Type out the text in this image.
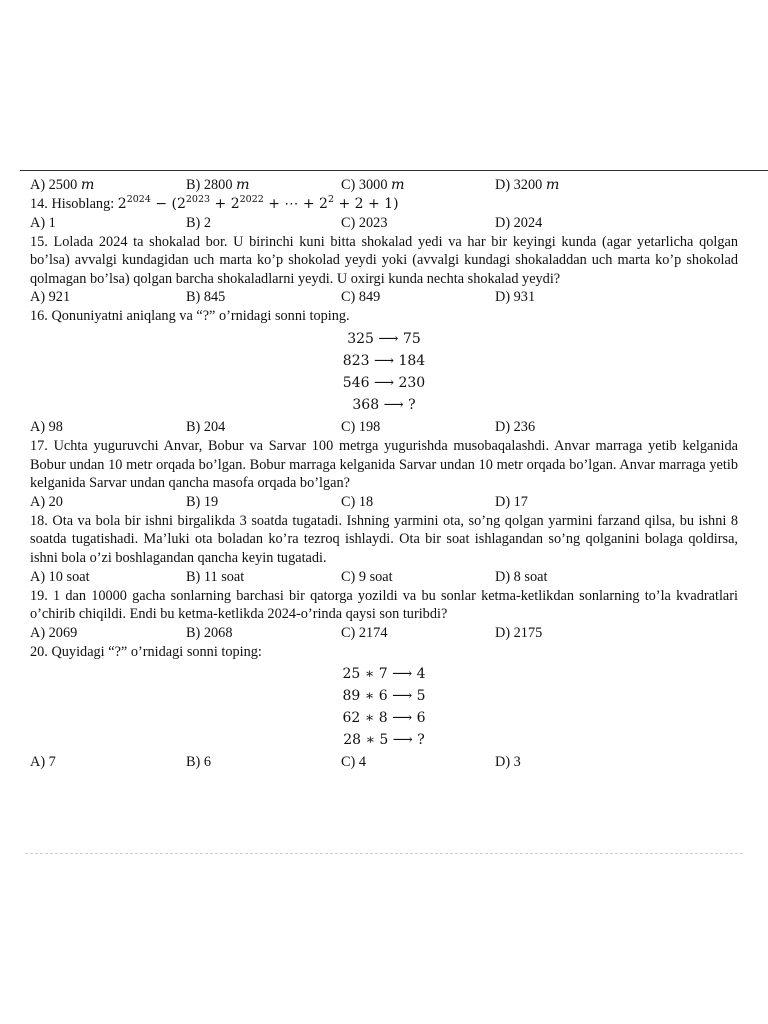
A) 2500 m	B) 2800 m	C) 3000 m	D) 3200 m

14. Hisoblang: $2^{2024} - (2^{2023} + 2^{2022}$ + ⋯ + $2^2 + 2 + 1$)

A) 1	B) 2	C) 2023	D) 2024

15. Lolada 2024 ta shokalad bor. U birinchi kuni bitta shokalad yedi va har bir keyingi kunda (agar yetarlicha qolgan bo’lsa) avvalgi kundagidan uch marta ko’p shokolad yeydi yoki (avvalgi kundagi shokaladdan uch marta ko’p shokolad qolmagan bo’lsa) qolgan barcha shokaladlarni yeydi. U oxirgi kunda nechta shokalad yeydi?

A) 921	B) 845	C) 849	D) 931

16. Qonuniyatni aniqlang va “?” o’rnidagi sonni toping.

325 ⟶ 75
823 ⟶ 184
546 ⟶ 230
368 ⟶ ?
A) 98	B) 204	C) 198	D) 236

17. Uchta yuguruvchi Anvar, Bobur va Sarvar 100 metrga yugurishda musobaqalashdi. Anvar marraga yetib kelganida Bobur undan 10 metr orqada bo’lgan. Bobur marraga kelganida Sarvar undan 10 metr orqada bo’lgan. Anvar marraga yetib kelganida Sarvar undan qancha masofa orqada bo’lgan?

A) 20	B) 19	C) 18	D) 17

18. Ota va bola bir ishni birgalikda 3 soatda tugatadi. Ishning yarmini ota, so’ng qolgan yarmini farzand qilsa, bu ishni 8 soatda tugatishadi. Ma’luki ota boladan ko’ra tezroq ishlaydi. Ota bir soat ishlagandan so’ng qolganini bolaga qoldirsa, ishni bola o’zi boshlagandan qancha keyin tugatadi.

A) 10 soat	B) 11 soat	C) 9 soat	D) 8 soat

19. 1 dan 10000 gacha sonlarning barchasi bir qatorga yozildi va bu sonlar ketma-ketlikdan sonlarning to’la kvadratlari o’chirib chiqildi. Endi bu ketma-ketlikda 2024-o’rinda qaysi son turibdi?

A) 2069	B) 2068	C) 2174	D) 2175

20. Quyidagi “?” o’rnidagi sonni toping:

25 ∗ 7 ⟶ 4
89 ∗ 6 ⟶ 5
62 ∗ 8 ⟶ 6
28 ∗ 5 ⟶ ?
A) 7	B) 6	C) 4	D) 3
